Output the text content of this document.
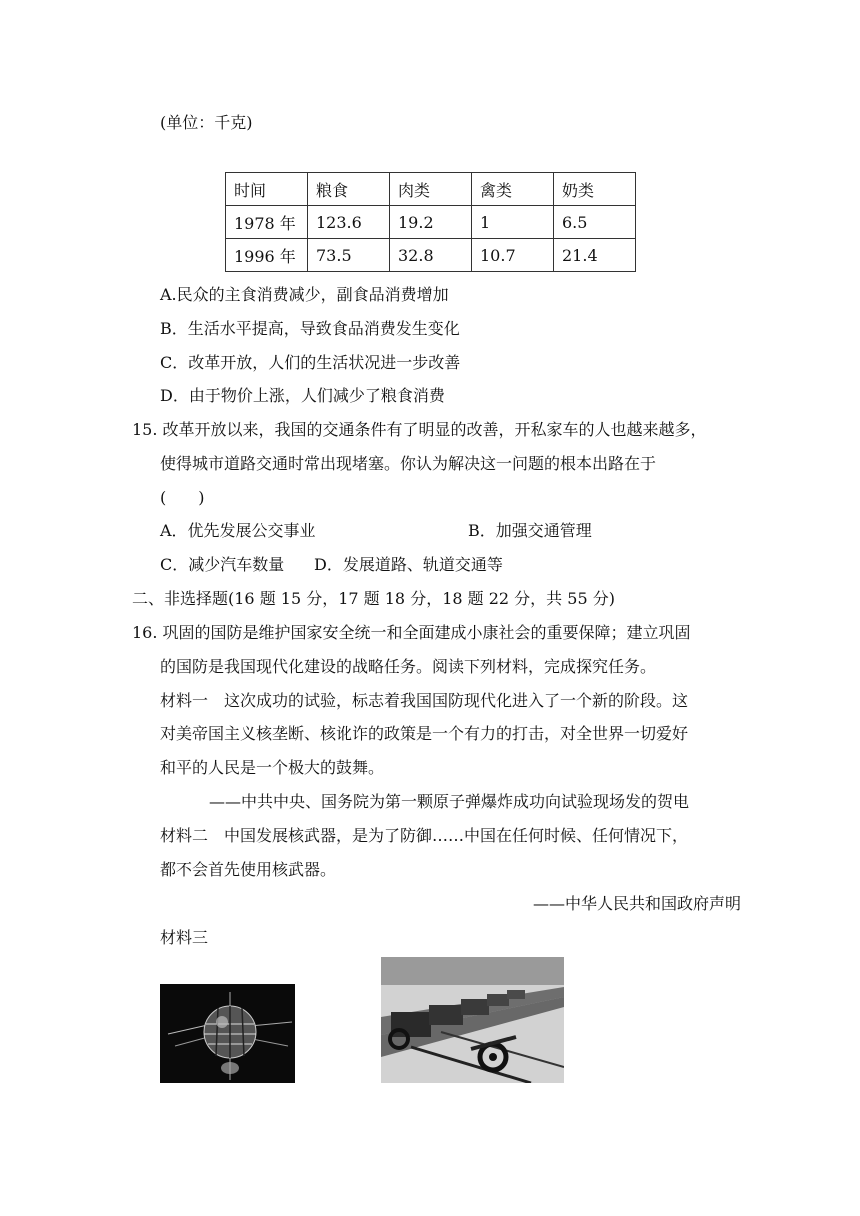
(单位：千克)
时间	粮食	肉类	禽类	奶类
1978 年	123.6	19.2	1	6.5
1996 年	73.5	32.8	10.7	21.4
A.民众的主食消费减少，副食品消费增加
B．生活水平提高，导致食品消费发生变化
C．改革开放，人们的生活状况进一步改善
D．由于物价上涨，人们减少了粮食消费
15. 改革开放以来，我国的交通条件有了明显的改善，开私家车的人也越来越多，
使得城市道路交通时常出现堵塞。你认为解决这一问题的根本出路在于
(　　)
A．优先发展公交事业	B．加强交通管理
C．减少汽车数量 D．发展道路、轨道交通等
二、非选择题(16 题 15 分，17 题 18 分，18 题 22 分，共 55 分)
16. 巩固的国防是维护国家安全统一和全面建成小康社会的重要保障；建立巩固
的国防是我国现代化建设的战略任务。阅读下列材料，完成探究任务。
材料一　这次成功的试验，标志着我国国防现代化进入了一个新的阶段。这
对美帝国主义核垄断、核讹诈的政策是一个有力的打击，对全世界一切爱好
和平的人民是一个极大的鼓舞。
——中共中央、国务院为第一颗原子弹爆炸成功向试验现场发的贺电
材料二　中国发展核武器，是为了防御……中国在任何时候、任何情况下，
都不会首先使用核武器。
——中华人民共和国政府声明
材料三
